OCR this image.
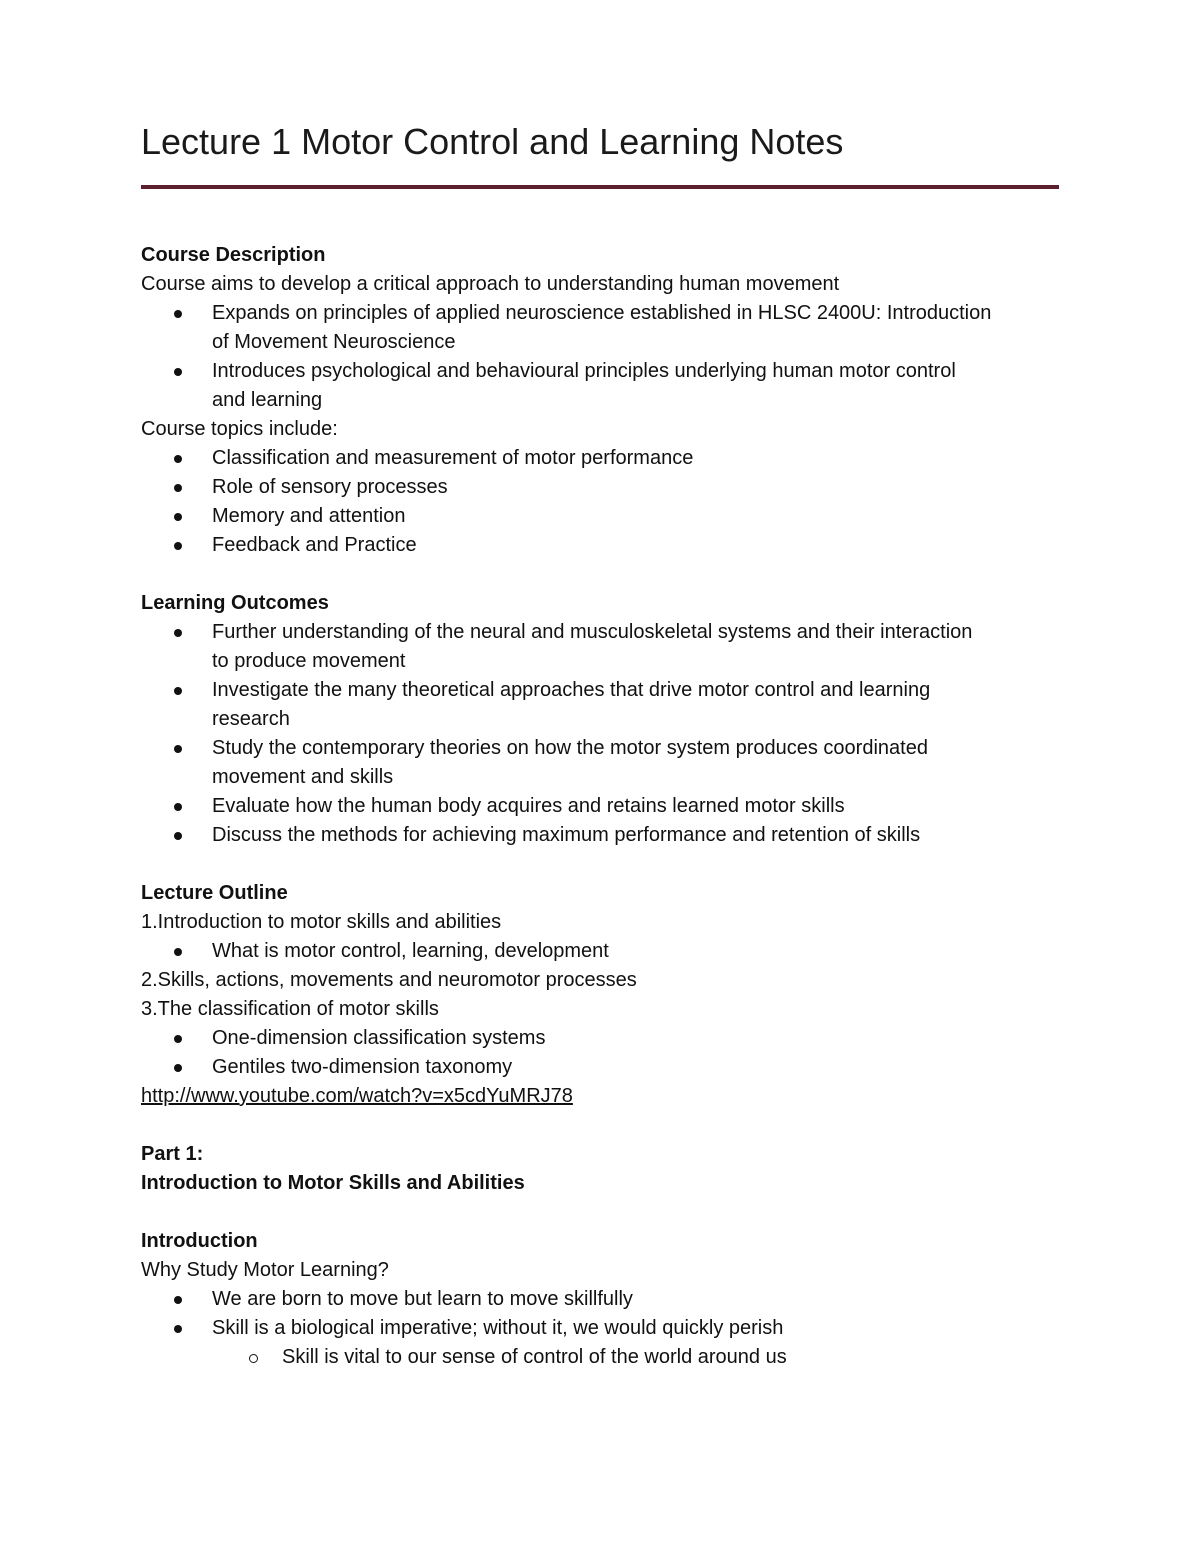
Lecture 1 Motor Control and Learning Notes
Course Description
Course aims to develop a critical approach to understanding human movement
Expands on principles of applied neuroscience established in HLSC 2400U: Introduction
of Movement Neuroscience
Introduces psychological and behavioural principles underlying human motor control
and learning
Course topics include:
Classification and measurement of motor performance
Role of sensory processes
Memory and attention
Feedback and Practice
Learning Outcomes
Further understanding of the neural and musculoskeletal systems and their interaction
to produce movement
Investigate the many theoretical approaches that drive motor control and learning
research
Study the contemporary theories on how the motor system produces coordinated
movement and skills
Evaluate how the human body acquires and retains learned motor skills
Discuss the methods for achieving maximum performance and retention of skills
Lecture Outline
1.Introduction to motor skills and abilities
What is motor control, learning, development
2.Skills, actions, movements and neuromotor processes
3.The classification of motor skills
One-dimension classification systems
Gentiles two-dimension taxonomy
http://www.youtube.com/watch?v=x5cdYuMRJ78
Part 1:
Introduction to Motor Skills and Abilities
Introduction
Why Study Motor Learning?
We are born to move but learn to move skillfully
Skill is a biological imperative; without it, we would quickly perish
Skill is vital to our sense of control of the world around us
